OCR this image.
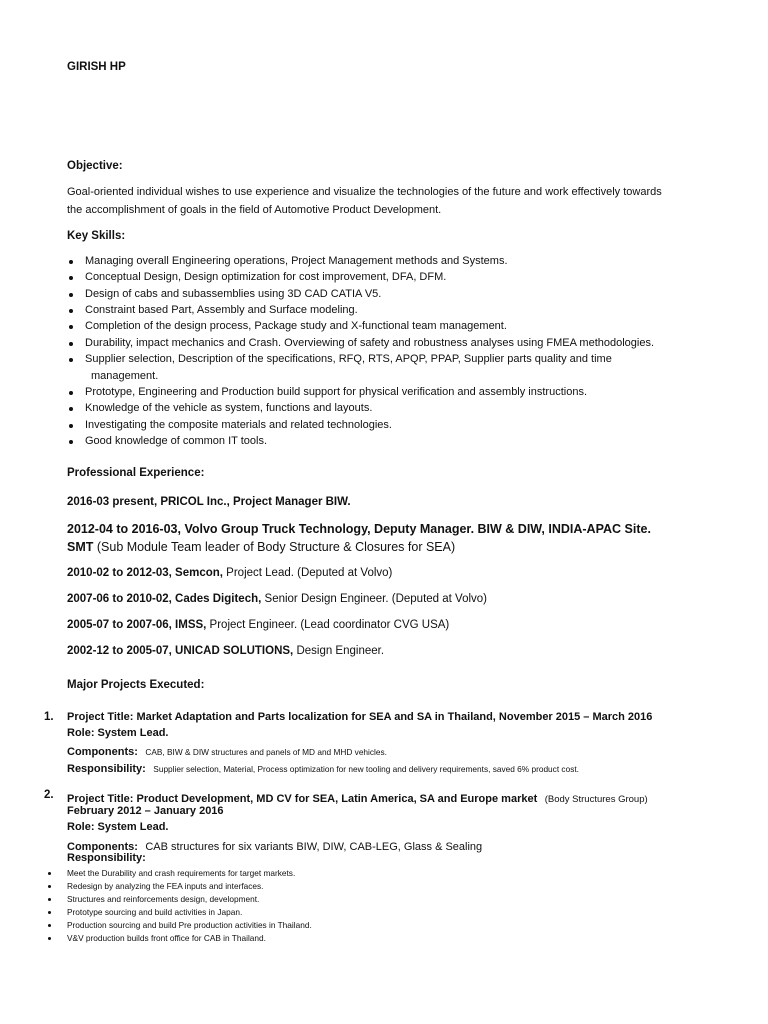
GIRISH HP
Objective:
Goal-oriented individual wishes to use experience and visualize the technologies of the future and work effectively towards
the accomplishment of goals in the field of Automotive Product Development.
Key Skills:
Managing overall Engineering operations, Project Management methods and Systems.
Conceptual Design, Design optimization for cost improvement, DFA, DFM.
Design of cabs and subassemblies using 3D CAD CATIA V5.
Constraint based Part, Assembly and Surface modeling.
Completion of the design process, Package study and X-functional team management.
Durability, impact mechanics and Crash. Overviewing of safety and robustness analyses using FMEA methodologies.
Supplier selection, Description of the specifications, RFQ, RTS, APQP, PPAP, Supplier parts quality and time
management.
Prototype, Engineering and Production build support for physical verification and assembly instructions.
Knowledge of the vehicle as system, functions and layouts.
Investigating the composite materials and related technologies.
Good knowledge of common IT tools.
Professional Experience:
2016-03 present, PRICOL Inc., Project Manager BIW.
2012-04 to 2016-03, Volvo Group Truck Technology, Deputy Manager. BIW & DIW, INDIA-APAC Site.
SMT (Sub Module Team leader of Body Structure & Closures for SEA)
2010-02 to 2012-03, Semcon, Project Lead. (Deputed at Volvo)
2007-06 to 2010-02, Cades Digitech, Senior Design Engineer. (Deputed at Volvo)
2005-07 to 2007-06, IMSS, Project Engineer. (Lead coordinator CVG USA)
2002-12 to 2005-07, UNICAD SOLUTIONS, Design Engineer.
Major Projects Executed:
1. Project Title: Market Adaptation and Parts localization for SEA and SA in Thailand, November 2015 – March 2016
Role: System Lead.
Components: CAB, BIW & DIW structures and panels of MD and MHD vehicles.
Responsibility: Supplier selection, Material, Process optimization for new tooling and delivery requirements, saved 6% product cost.
2. Project Title: Product Development, MD CV for SEA, Latin America, SA and Europe market (Body Structures Group)
February 2012 – January 2016
Role: System Lead.
Components: CAB structures for six variants BIW, DIW, CAB-LEG, Glass & Sealing
Responsibility:
Meet the Durability and crash requirements for target markets.
Redesign by analyzing the FEA inputs and interfaces.
Structures and reinforcements design, development.
Prototype sourcing and build activities in Japan.
Production sourcing and build Pre production activities in Thailand.
V&V production builds front office for CAB in Thailand.
